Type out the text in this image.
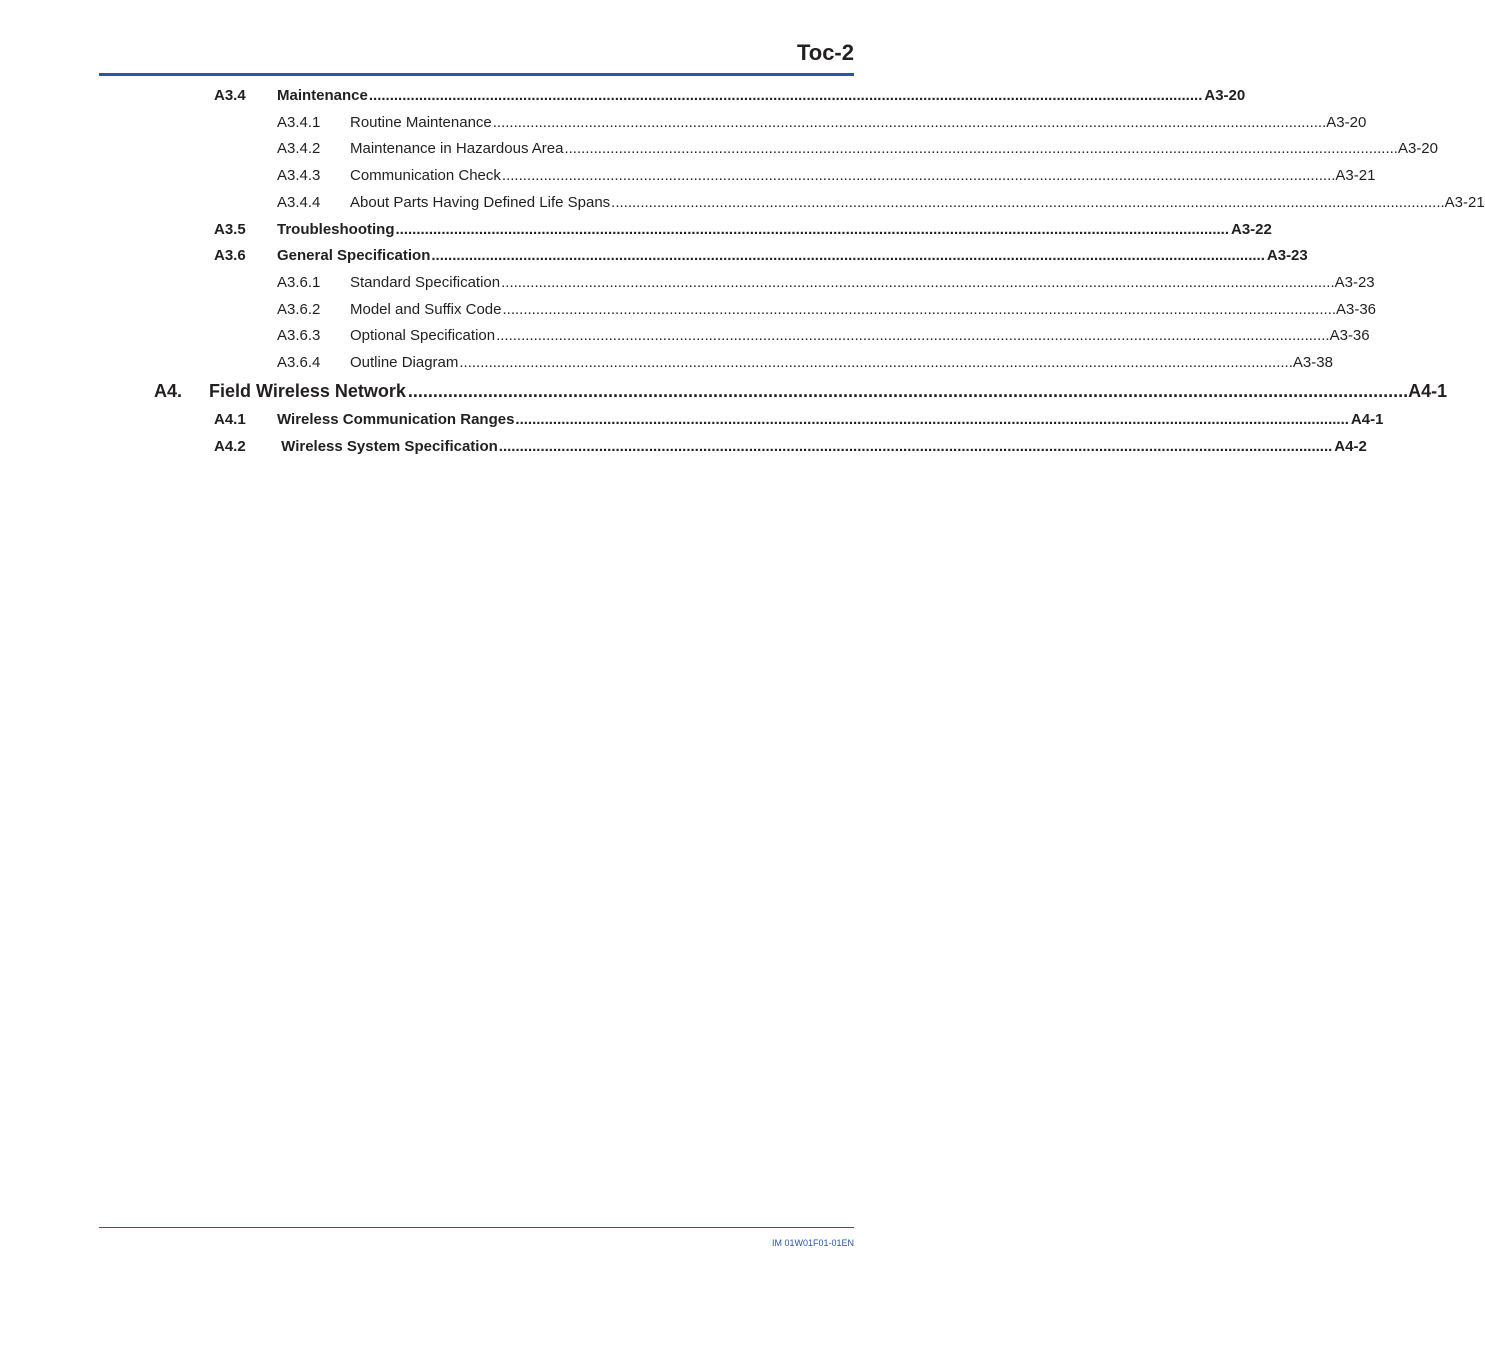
Toc-2
A3.4	Maintenance ........................................................................................................................................................................................................ A3-20
A3.4.1	Routine Maintenance ........................................................................................................................................................................................................ A3-20
A3.4.2	Maintenance in Hazardous Area ........................................................................................................................................................................................................ A3-20
A3.4.3	Communication Check ........................................................................................................................................................................................................ A3-21
A3.4.4	About Parts Having Defined Life Spans ........................................................................................................................................................................................................ A3-21
A3.5	Troubleshooting ........................................................................................................................................................................................................ A3-22
A3.6	General Specification ........................................................................................................................................................................................................ A3-23
A3.6.1	Standard Specification ........................................................................................................................................................................................................ A3-23
A3.6.2	Model and Suffix Code ........................................................................................................................................................................................................ A3-36
A3.6.3	Optional Specification ........................................................................................................................................................................................................ A3-36
A3.6.4	Outline Diagram ........................................................................................................................................................................................................ A3-38
A4.	Field Wireless Network ........................................................................................................................................................................................................ A4-1
A4.1	Wireless Communication Ranges ........................................................................................................................................................................................................ A4-1
A4.2	Wireless System Specification ........................................................................................................................................................................................................ A4-2
IM 01W01F01-01EN
